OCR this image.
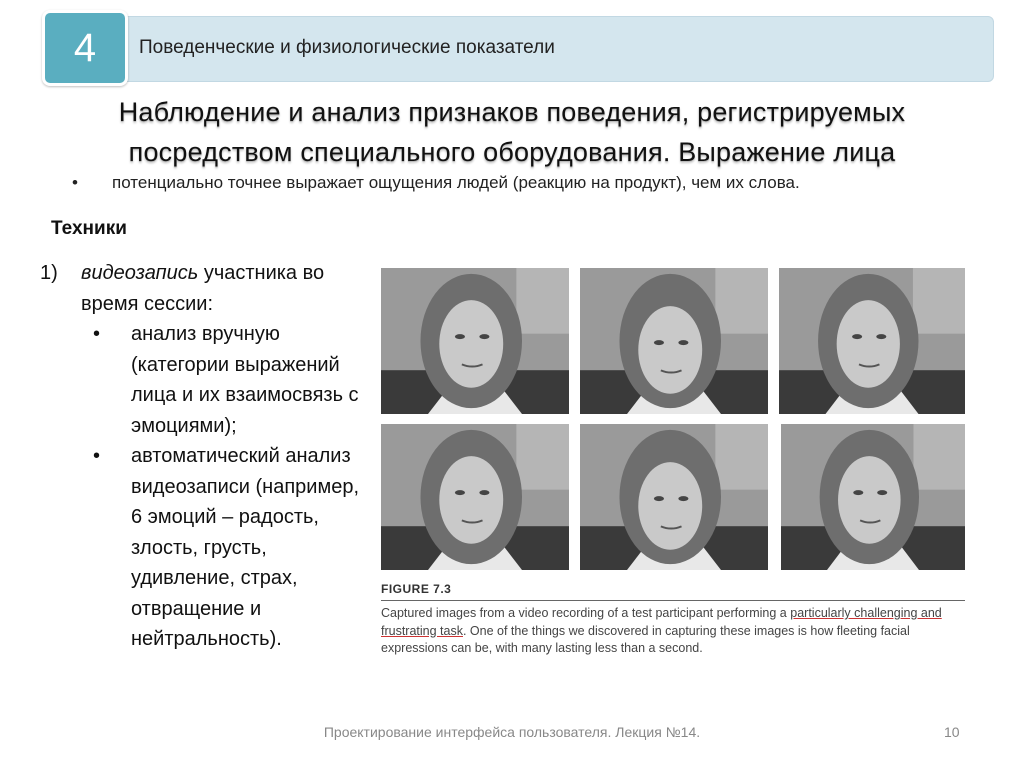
Поведенческие и физиологические показатели
4
Наблюдение и анализ признаков поведения, регистрируемых
посредством специального оборудования. Выражение лица
• потенциально точнее выражает ощущения людей (реакцию на продукт), чем их слова.
Техники
1) видеозапись участника во время сессии:
• анализ вручную (категории выражений лица и их взаимосвязь с эмоциями);
• автоматический анализ видеозаписи (например, 6 эмоций – радость, злость, грусть, удивление, страх, отвращение и нейтральность).
FIGURE 7.3
Captured images from a video recording of a test participant performing a particularly challenging and frustrating task. One of the things we discovered in capturing these images is how fleeting facial expressions can be, with many lasting less than a second.
Проектирование интерфейса пользователя. Лекция №14.	10
